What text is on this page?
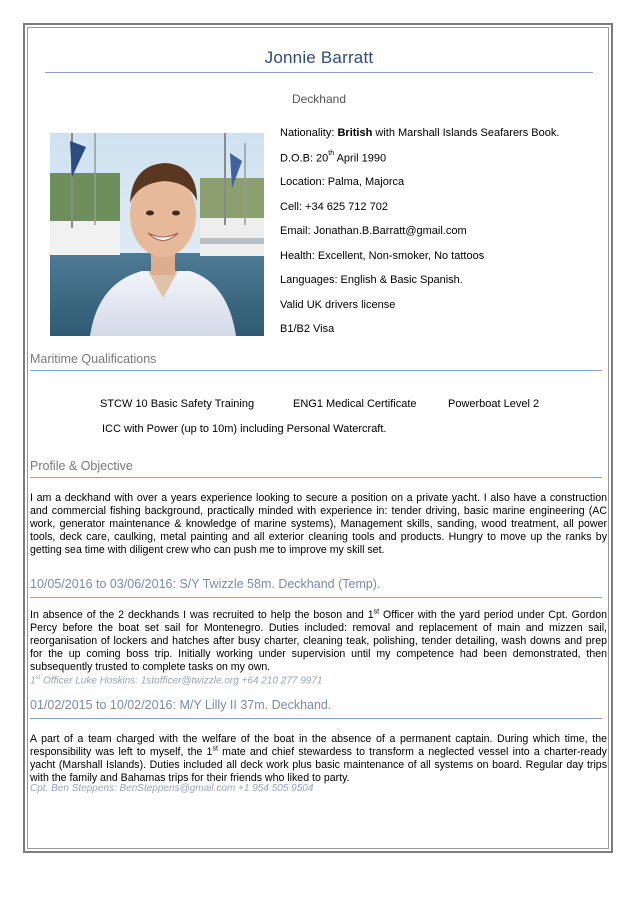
Jonnie Barratt
Deckhand
Nationality: British with Marshall Islands Seafarers Book.
D.O.B: 20th April 1990
Location: Palma, Majorca
Cell: +34 625 712 702
Email: Jonathan.B.Barratt@gmail.com
Health: Excellent, Non-smoker, No tattoos
Languages: English & Basic Spanish.
Valid UK drivers license
B1/B2 Visa
Maritime Qualifications
STCW 10 Basic Safety Training	ENG1 Medical Certificate	Powerboat Level 2
ICC with Power (up to 10m) including Personal Watercraft.
Profile & Objective
I am a deckhand with over a years experience looking to secure a position on a private yacht. I also have a construction and commercial fishing background, practically minded with experience in: tender driving, basic marine engineering (AC work, generator maintenance & knowledge of marine systems), Management skills, sanding, wood treatment, all power tools, deck care, caulking, metal painting and all exterior cleaning tools and products. Hungry to move up the ranks by getting sea time with diligent crew who can push me to improve my skill set.
10/05/2016 to 03/06/2016: S/Y Twizzle 58m. Deckhand (Temp).
In absence of the 2 deckhands I was recruited to help the boson and 1st Officer with the yard period under Cpt. Gordon Percy before the boat set sail for Montenegro. Duties included: removal and replacement of main and mizzen sail, reorganisation of lockers and hatches after busy charter, cleaning teak, polishing, tender detailing, wash downs and prep for the up coming boss trip. Initially working under supervision until my competence had been demonstrated, then subsequently trusted to complete tasks on my own.
1st Officer Luke Hoskins: 1stofficer@twizzle.org +64 210 277 9971
01/02/2015 to 10/02/2016: M/Y Lilly II 37m. Deckhand.
A part of a team charged with the welfare of the boat in the absence of a permanent captain. During which time, the responsibility was left to myself, the 1st mate and chief stewardess to transform a neglected vessel into a charter-ready yacht (Marshall Islands). Duties included all deck work plus basic maintenance of all systems on board. Regular day trips with the family and Bahamas trips for their friends who liked to party.
Cpt. Ben Steppens: BenSteppens@gmail.com +1 954 505 9504
